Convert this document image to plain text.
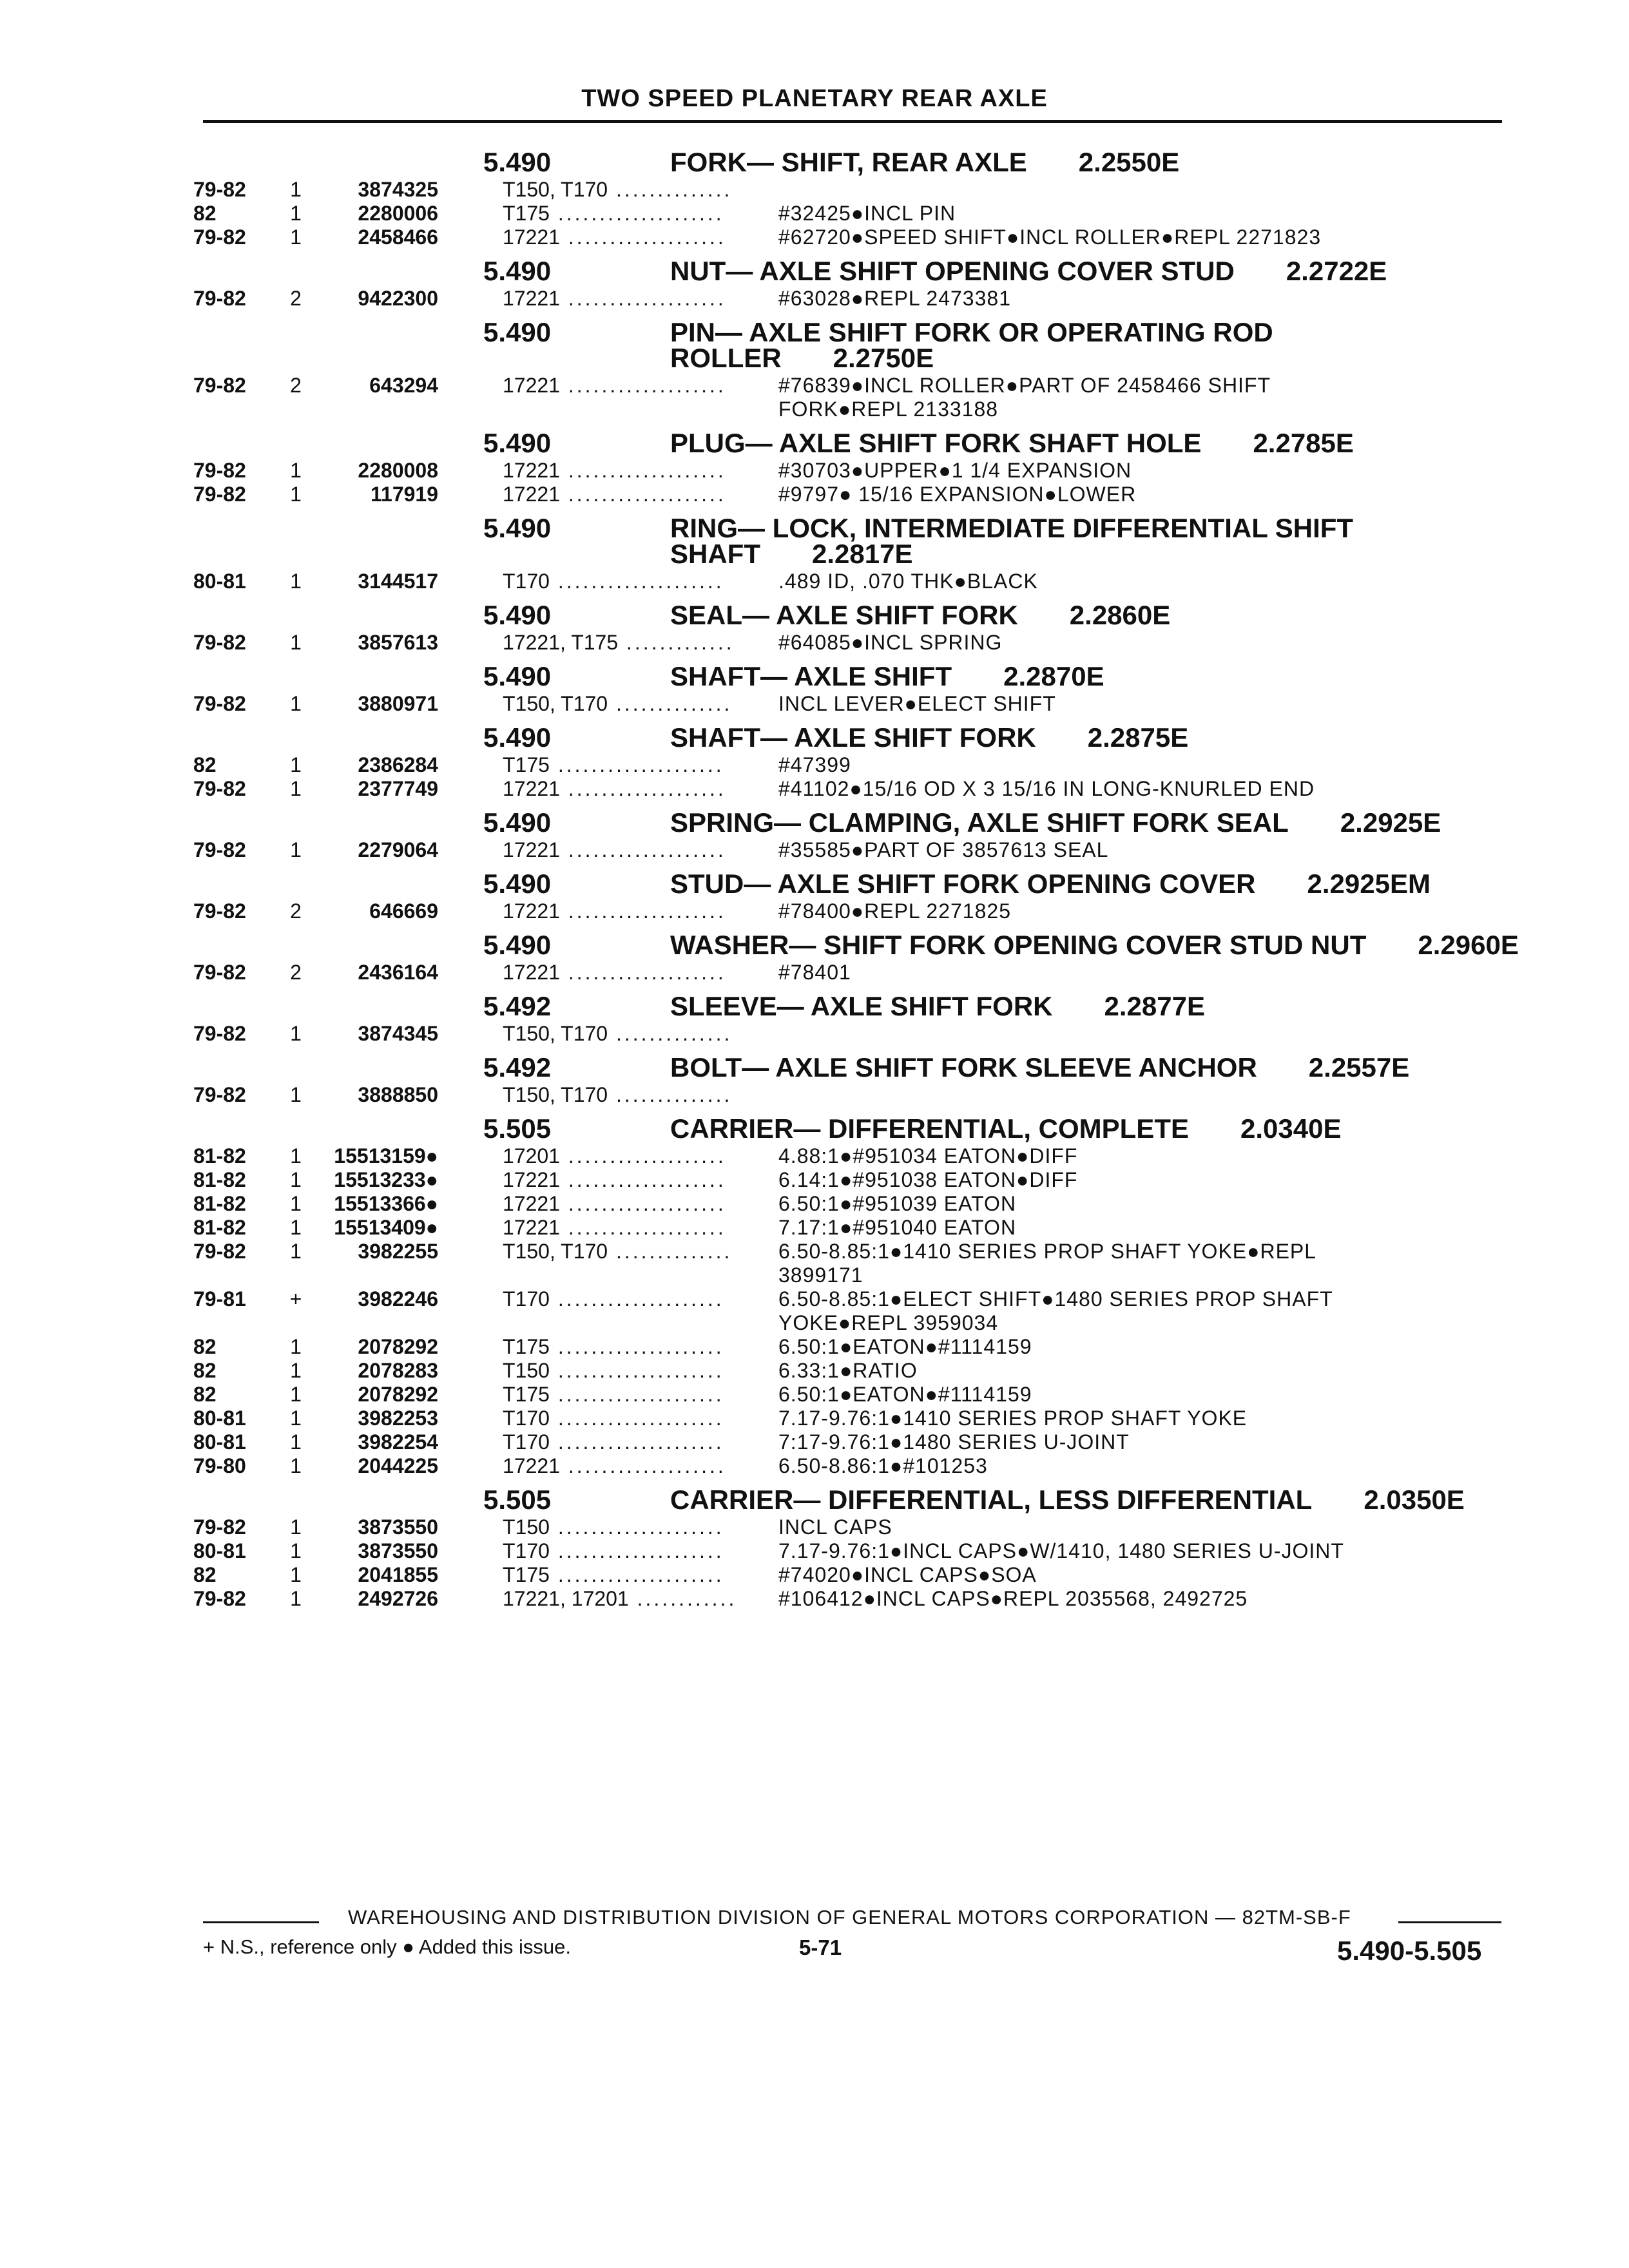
TWO SPEED PLANETARY REAR AXLE
5.490	FORK— SHIFT, REAR AXLE 2.2550E
79-82	1	3874325	T150, T170 ..............
82	1	2280006	T175 ....................	#32425●INCL PIN
79-82	1	2458466	17221 ...................	#62720●SPEED SHIFT●INCL ROLLER●REPL 2271823
5.490	NUT— AXLE SHIFT OPENING COVER STUD 2.2722E
79-82	2	9422300	17221 ...................	#63028●REPL 2473381
5.490	PIN— AXLE SHIFT FORK OR OPERATING ROD ROLLER 2.2750E
79-82	2	643294	17221 ...................	#76839●INCL ROLLER●PART OF 2458466 SHIFT
FORK●REPL 2133188
5.490	PLUG— AXLE SHIFT FORK SHAFT HOLE 2.2785E
79-82	1	2280008	17221 ...................	#30703●UPPER●1 1/4 EXPANSION
79-82	1	117919	17221 ...................	#9797● 15/16 EXPANSION●LOWER
5.490	RING— LOCK, INTERMEDIATE DIFFERENTIAL SHIFT SHAFT 2.2817E
80-81	1	3144517	T170 ....................	.489 ID, .070 THK●BLACK
5.490	SEAL— AXLE SHIFT FORK 2.2860E
79-82	1	3857613	17221, T175 .............	#64085●INCL SPRING
5.490	SHAFT— AXLE SHIFT 2.2870E
79-82	1	3880971	T150, T170 ..............	INCL LEVER●ELECT SHIFT
5.490	SHAFT— AXLE SHIFT FORK 2.2875E
82	1	2386284	T175 ....................	#47399
79-82	1	2377749	17221 ...................	#41102●15/16 OD X 3 15/16 IN LONG-KNURLED END
5.490	SPRING— CLAMPING, AXLE SHIFT FORK SEAL 2.2925E
79-82	1	2279064	17221 ...................	#35585●PART OF 3857613 SEAL
5.490	STUD— AXLE SHIFT FORK OPENING COVER 2.2925EM
79-82	2	646669	17221 ...................	#78400●REPL 2271825
5.490	WASHER— SHIFT FORK OPENING COVER STUD NUT 2.2960E
79-82	2	2436164	17221 ...................	#78401
5.492	SLEEVE— AXLE SHIFT FORK 2.2877E
79-82	1	3874345	T150, T170 ..............
5.492	BOLT— AXLE SHIFT FORK SLEEVE ANCHOR 2.2557E
79-82	1	3888850	T150, T170 ..............
5.505	CARRIER— DIFFERENTIAL, COMPLETE 2.0340E
81-82	1	15513159●	17201 ...................	4.88:1●#951034 EATON●DIFF
81-82	1	15513233●	17221 ...................	6.14:1●#951038 EATON●DIFF
81-82	1	15513366●	17221 ...................	6.50:1●#951039 EATON
81-82	1	15513409●	17221 ...................	7.17:1●#951040 EATON
79-82	1	3982255	T150, T170 ..............	6.50-8.85:1●1410 SERIES PROP SHAFT YOKE●REPL
3899171
79-81	+	3982246	T170 ....................	6.50-8.85:1●ELECT SHIFT●1480 SERIES PROP SHAFT
YOKE●REPL 3959034
82	1	2078292	T175 ....................	6.50:1●EATON●#1114159
82	1	2078283	T150 ....................	6.33:1●RATIO
82	1	2078292	T175 ....................	6.50:1●EATON●#1114159
80-81	1	3982253	T170 ....................	7.17-9.76:1●1410 SERIES PROP SHAFT YOKE
80-81	1	3982254	T170 ....................	7:17-9.76:1●1480 SERIES U-JOINT
79-80	1	2044225	17221 ...................	6.50-8.86:1●#101253
5.505	CARRIER— DIFFERENTIAL, LESS DIFFERENTIAL 2.0350E
79-82	1	3873550	T150 ....................	INCL CAPS
80-81	1	3873550	T170 ....................	7.17-9.76:1●INCL CAPS●W/1410, 1480 SERIES U-JOINT
82	1	2041855	T175 ....................	#74020●INCL CAPS●SOA
79-82	1	2492726	17221, 17201 ............	#106412●INCL CAPS●REPL 2035568, 2492725
WAREHOUSING AND DISTRIBUTION DIVISION OF GENERAL MOTORS CORPORATION — 82TM-SB-F
+ N.S., reference only ● Added this issue.	5-71	5.490-5.505
